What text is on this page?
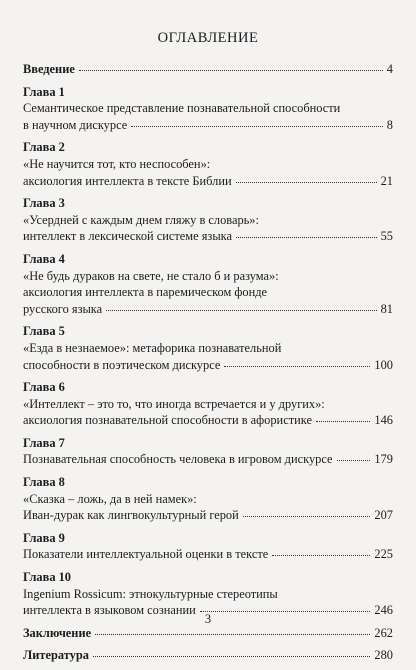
ОГЛАВЛЕНИЕ
Введение	4
Глава 1
Семантическое представление познавательной способности
в научном дискурсе	8
Глава 2
«Не научится тот, кто неспособен»:
аксиология интеллекта в тексте Библии	21
Глава 3
«Усердней с каждым днем гляжу в словарь»:
интеллект в лексической системе языка	55
Глава 4
«Не будь дураков на свете, не стало б и разума»:
аксиология интеллекта в паремическом фонде
русского языка	81
Глава 5
«Езда в незнаемое»: метафорика познавательной
способности в поэтическом дискурсе	100
Глава 6
«Интеллект – это то, что иногда встречается и у других»:
аксиология познавательной способности в афористике	146
Глава 7
Познавательная способность человека в игровом дискурсе	179
Глава 8
«Сказка – ложь, да в ней намек»:
Иван-дурак как лингвокультурный герой	207
Глава 9
Показатели интеллектуальной оценки в тексте	225
Глава 10
Ingenium Rossicum: этнокультурные стереотипы
интеллекта в языковом сознании	246
Заключение	262
Литература	280
3
